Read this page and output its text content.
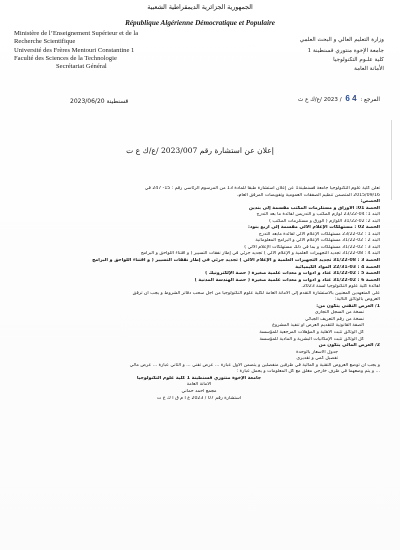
الجمهورية الجزائرية الديمقراطية الشعبية
République Algérienne Démocratique et Populaire
Ministère de l’Enseignement Supérieur et de la
Recherche Scientifique
Université des Frères Mentouri Constantine 1
Faculté des Sciences de la Technologie
Secrétariat Général
وزارة التعليم العالي و البحث العلمي
جامعة الإخوة منتوري قسنطينة 1
كلية علـوم التكنولوجيا
الأمانة العامة
المرجع : 4 6 / 2023 /ع/ك ع ت
2023/06/20 قسنطينة
إعلان عن استشارة رقم 2023/007 /ع/ك ع ت
تعلن كلية علوم التكنولوجيا جامعة قسنطينة1 عن إعلان استشارة طبقا للمادة 13 من المرسوم الرئاسي رقم : 15- 247 في
2015/09/16 المتضمن تنظيم الصفقات العمومية وتفويضات المرفق العام،
الحصص:
الحصة 01: الأوراق و مستلزمات المكتب مقسمة إلى بندين
البند 1: 04-23/22 لوازم المكتب و التدريس لفائدة ما بعد التدرج
البند 2: 02-31/22 اللوازم ( الورق و مستلزمات المكتب )
الحصة 02 : مستهلكات الإعلام الآلي مقسمة إلى أربع بنود:
البند 1 : 02-23/22 مستهلكات الإعلام الآلي لفائدة مابعد التدرج
البند 2 : 02-31/22 مستهلكات الإعلام الآلي و البرامج المعلوماتية
البند 3 : 02-31/22 مستهلكات و بما في ذلك مستهلكات الإعلام الآلي )
البند 4 : 08-31/22 تجديد التجهيزات العلمية و الإعلام الآلي ) تجديد جزئي في إطار نفقات التسيير ( و اقتناء اللواحق و البرامج
الحصة 3 : 08-31/22 تجديد التجهيزات العلمية و الإعلام الآلي ) تجديد جزئي في إطار نفقات التسيير ( و اقتناء اللواحق و البرامج
الحصة 4 : 03-22/31 المواد الكيميائية
الحصة 5 : 02-31/22 عتاد و أدوات و معدات علمية صغيرة ( حصة الإلكترونيك )
الحصة 6 : 02-31/22 عتاد و أدوات و معدات علمية صغيرة ( حصة الهندسة المدنية )
لفائدة كلية علوم التكنولوجيا لسنة 2023.
على المتعهدين المعنيين بالاستشارة التقدم إلى الأمانة العامة لكلية علوم التكنولوجيا من أجل سحب دفاتر الشروط و يجب أن ترفق
العروض بالوثائق التالية:
1/ العرض التقني يتكون من:
نسخة من السجل التجاري
نسخة من رقم التعريف الجبائي
الصفة القانونية للتقديم العرض أو تنفيذ المشروع
كل الوثائق تثبت الأهلية و المؤهلات المرجعية للمؤسسة
كل الوثائق تثبت الإمكانيات البشرية و المادية للمؤسسة
2/ العرض المالي يتكون من
جدول الأسعار بالوحدة
تفصيل كمي و تقديري
و يجب أن توضع العروض التقنية و المالية في ظرفين منفصلين و يتضمن الأول عبارة ... عرض تقني ... و الثاني عبارة ... عرض مالي
... و يتم وضعهما في ظرف خارجي مغلق مع كل المعلومات و يحمل عبارة :
جامعة الإخوة منتوري قسنطينة 1 كلية علوم التكنولوجيا
الأمانة العامة
مجمع احمد حماني
استشارة رقم 07 / 2023 ع ا م ق ا ك ع ت
